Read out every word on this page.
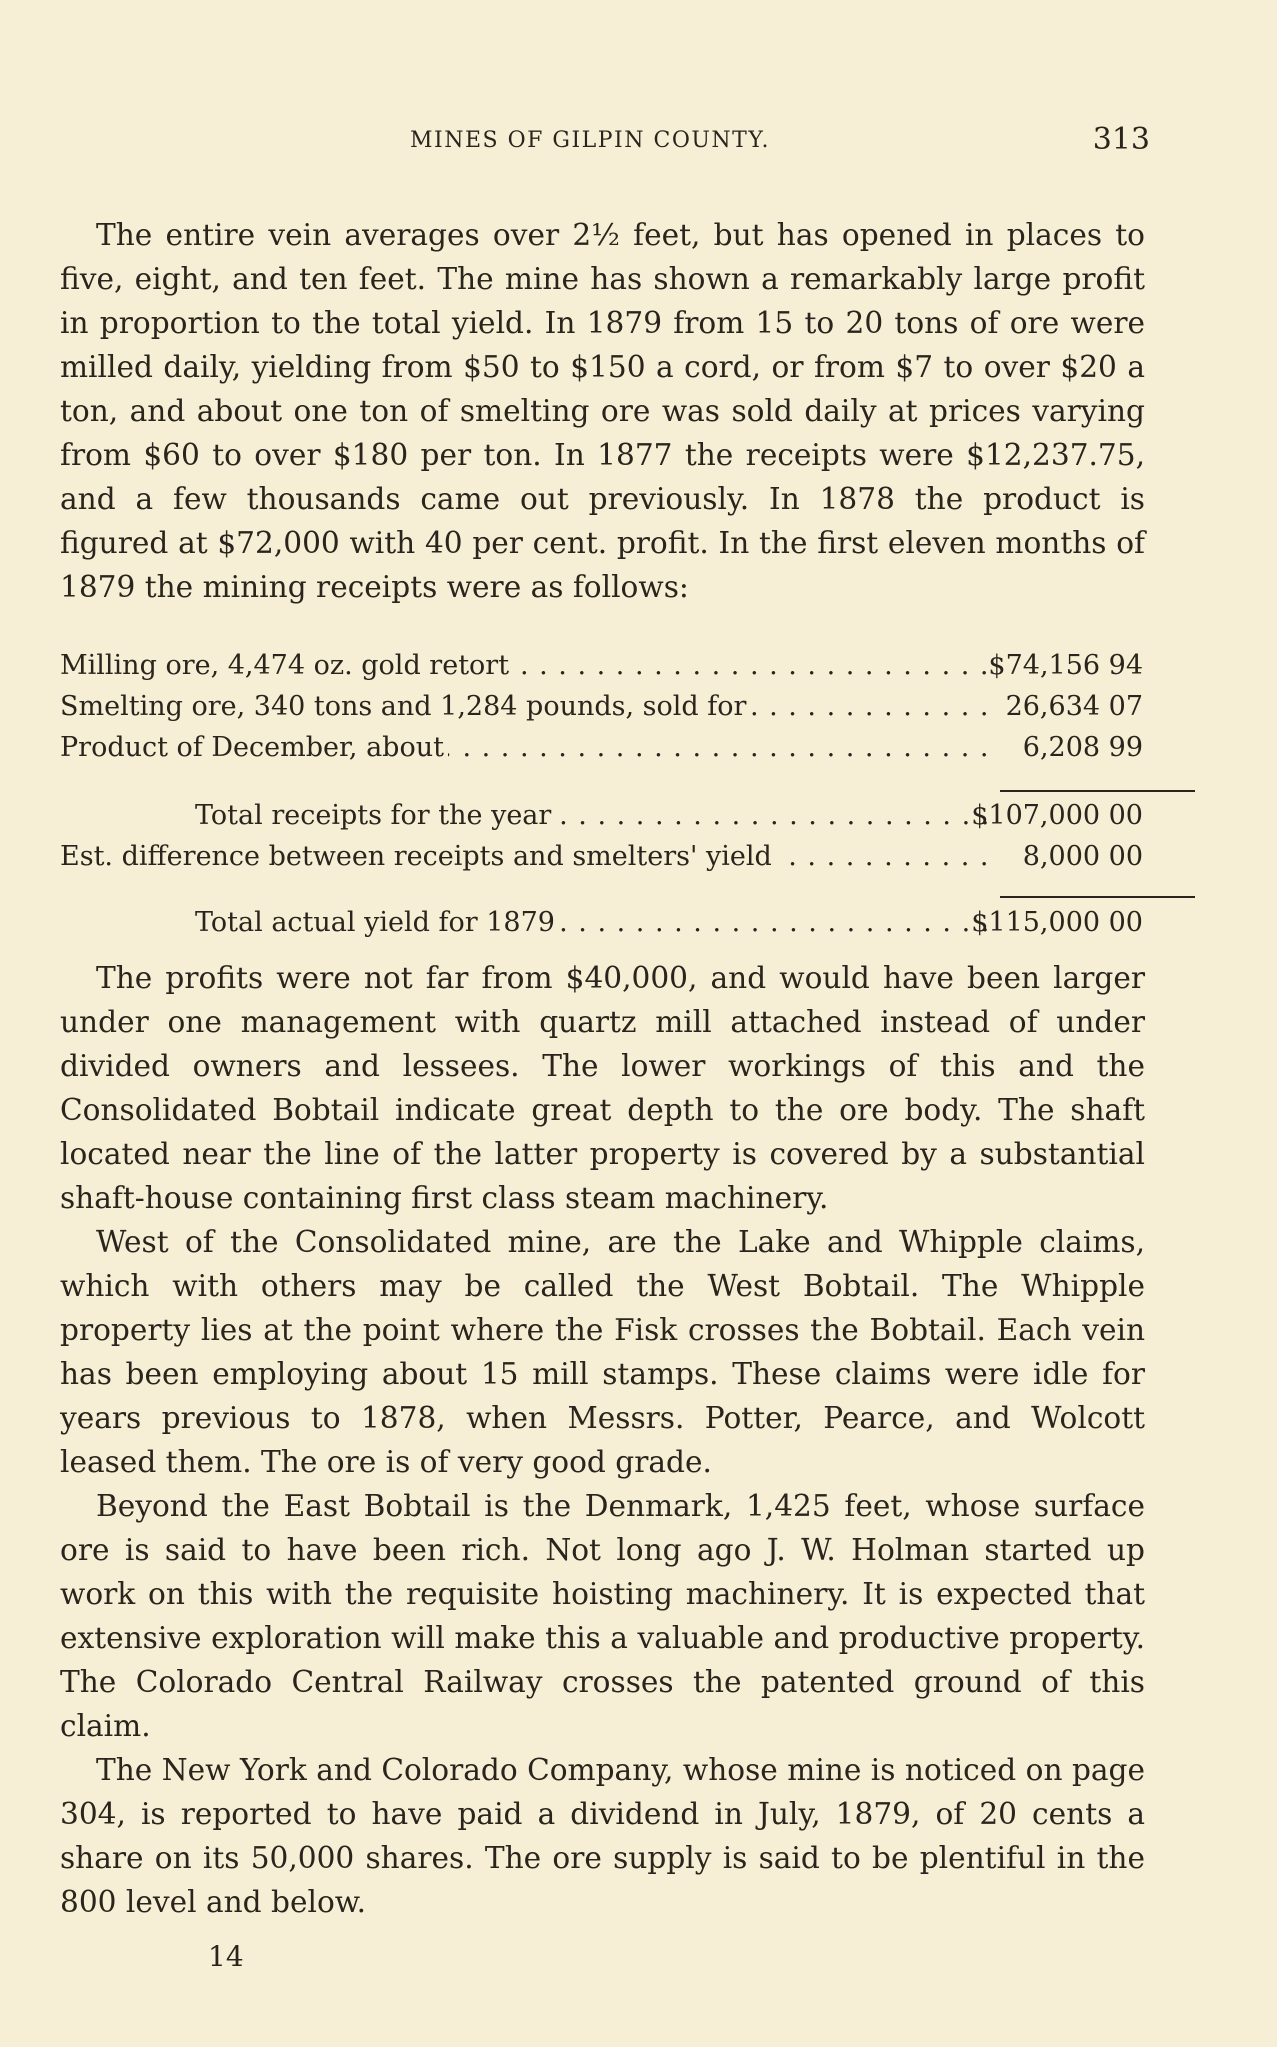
MINES OF GILPIN COUNTY.	313

The entire vein averages over 2½ feet, but has opened in places to five, eight, and ten feet. The mine has shown a remarkably large profit in proportion to the total yield. In 1879 from 15 to 20 tons of ore were milled daily, yielding from $50 to $150 a cord, or from $7 to over $20 a ton, and about one ton of smelting ore was sold daily at prices varying from $60 to over $180 per ton. In 1877 the receipts were $12,237.75, and a few thousands came out previously. In 1878 the product is figured at $72,000 with 40 per cent. profit. In the first eleven months of 1879 the mining receipts were as follows:

Milling ore, 4,474 oz. gold retort . . .	$74,156 94
Smelting ore, 340 tons and 1,284 pounds, sold for . . .	26,634 07
Product of December, about . . .	6,208 99
Total receipts for the year . . .	$107,000 00
Est. difference between receipts and smelters' yield . . .	8,000 00
Total actual yield for 1879 . . .	$115,000 00

The profits were not far from $40,000, and would have been larger under one management with quartz mill attached instead of under divided owners and lessees. The lower workings of this and the Consolidated Bobtail indicate great depth to the ore body. The shaft located near the line of the latter property is covered by a substantial shaft-house containing first class steam machinery.

West of the Consolidated mine, are the Lake and Whipple claims, which with others may be called the West Bobtail. The Whipple property lies at the point where the Fisk crosses the Bobtail. Each vein has been employing about 15 mill stamps. These claims were idle for years previous to 1878, when Messrs. Potter, Pearce, and Wolcott leased them. The ore is of very good grade.

Beyond the East Bobtail is the Denmark, 1,425 feet, whose surface ore is said to have been rich. Not long ago J. W. Holman started up work on this with the requisite hoisting machinery. It is expected that extensive exploration will make this a valuable and productive property. The Colorado Central Railway crosses the patented ground of this claim.

The New York and Colorado Company, whose mine is noticed on page 304, is reported to have paid a dividend in July, 1879, of 20 cents a share on its 50,000 shares. The ore supply is said to be plentiful in the 800 level and below.

14
